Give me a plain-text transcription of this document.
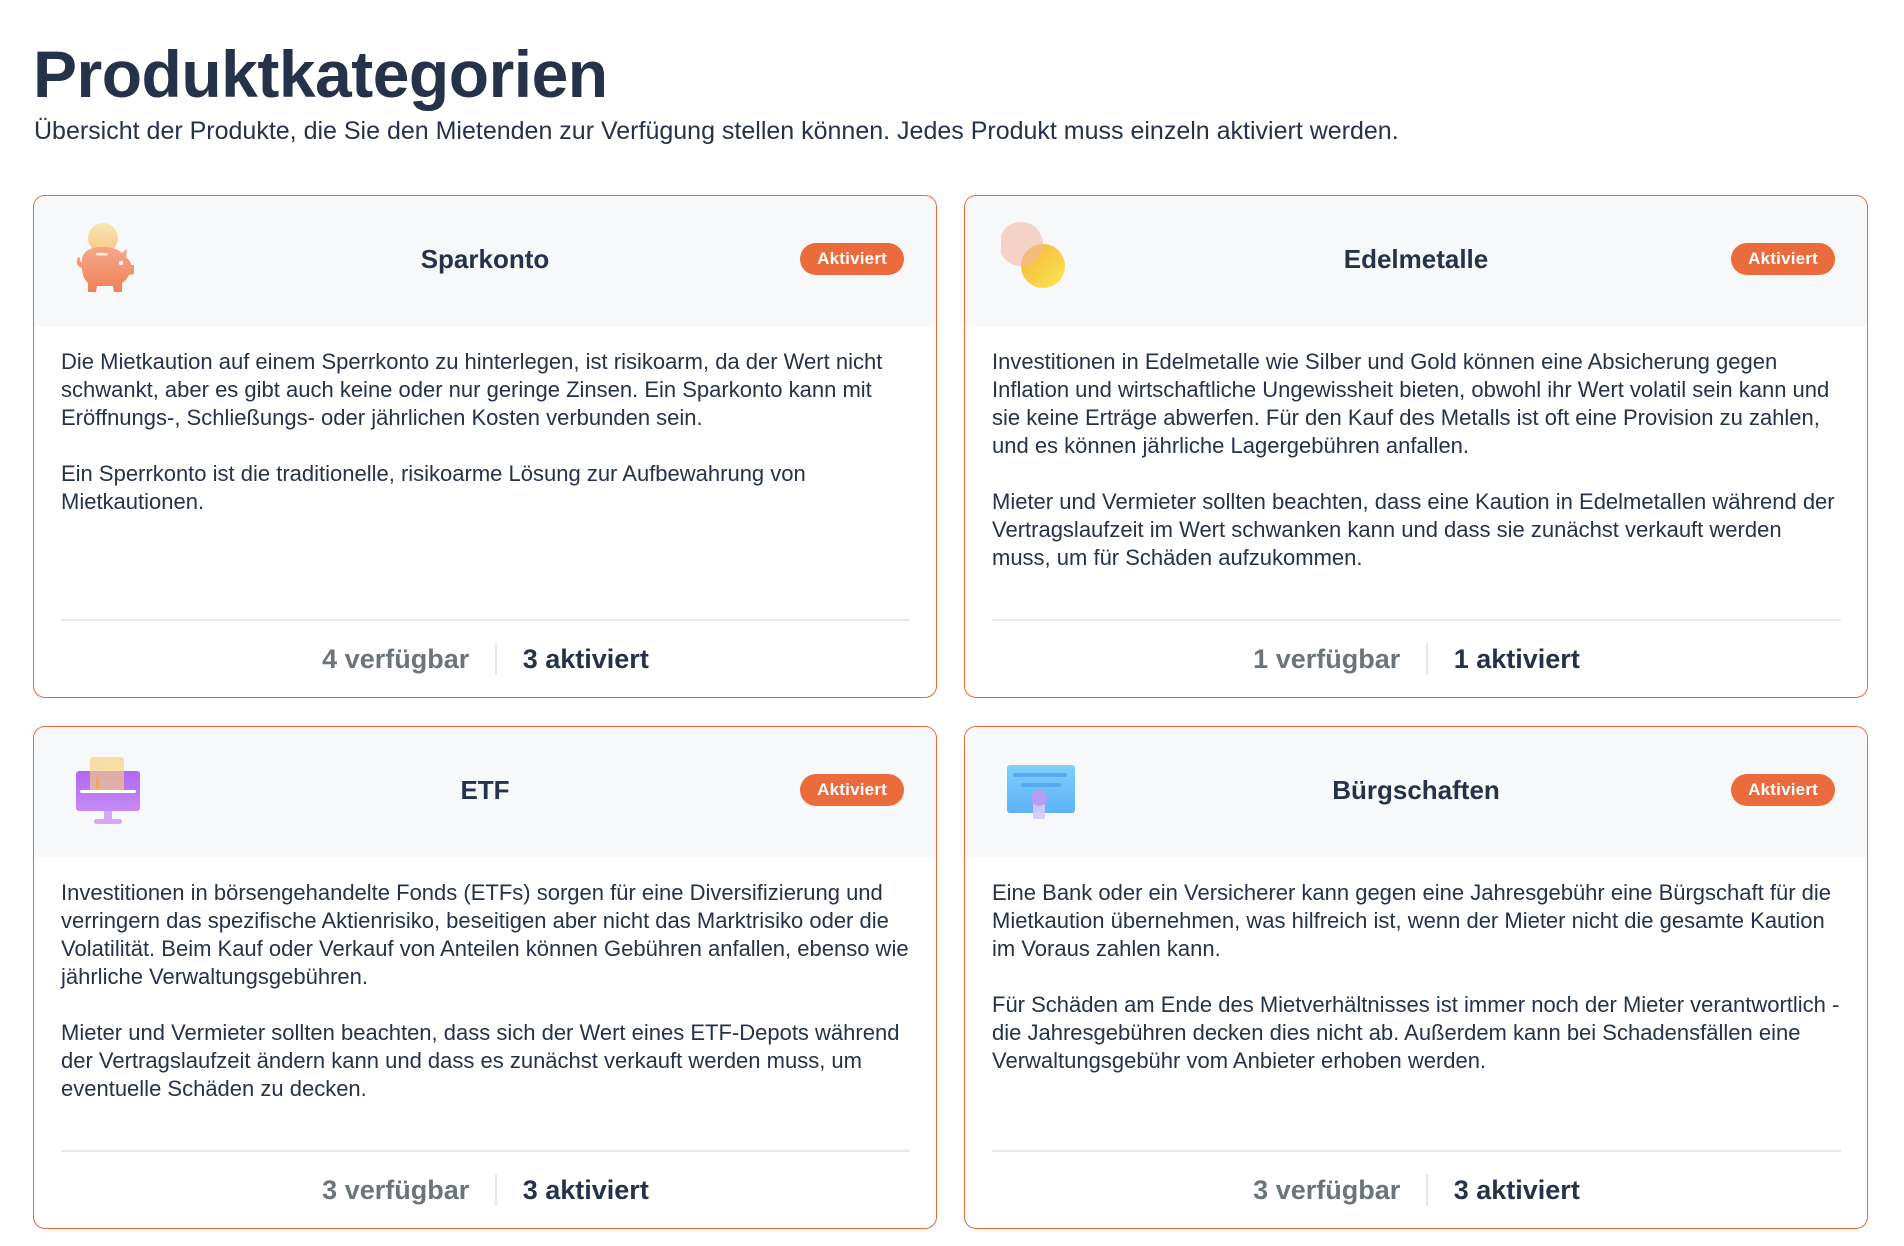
Produktkategorien
Übersicht der Produkte, die Sie den Mietenden zur Verfügung stellen können. Jedes Produkt muss einzeln aktiviert werden.
Sparkonto	Aktiviert

Die Mietkaution auf einem Sperrkonto zu hinterlegen, ist risikoarm, da der Wert nicht schwankt, aber es gibt auch keine oder nur geringe Zinsen. Ein Sparkonto kann mit Eröffnungs-, Schließungs- oder jährlichen Kosten verbunden sein.

Ein Sperrkonto ist die traditionelle, risikoarme Lösung zur Aufbewahrung von Mietkautionen.

4 verfügbar	3 aktiviert
Edelmetalle	Aktiviert

Investitionen in Edelmetalle wie Silber und Gold können eine Absicherung gegen Inflation und wirtschaftliche Ungewissheit bieten, obwohl ihr Wert volatil sein kann und sie keine Erträge abwerfen. Für den Kauf des Metalls ist oft eine Provision zu zahlen, und es können jährliche Lagergebühren anfallen.

Mieter und Vermieter sollten beachten, dass eine Kaution in Edelmetallen während der Vertragslaufzeit im Wert schwanken kann und dass sie zunächst verkauft werden muss, um für Schäden aufzukommen.

1 verfügbar	1 aktiviert
ETF	Aktiviert

Investitionen in börsengehandelte Fonds (ETFs) sorgen für eine Diversifizierung und verringern das spezifische Aktienrisiko, beseitigen aber nicht das Marktrisiko oder die Volatilität. Beim Kauf oder Verkauf von Anteilen können Gebühren anfallen, ebenso wie jährliche Verwaltungsgebühren.

Mieter und Vermieter sollten beachten, dass sich der Wert eines ETF-Depots während der Vertragslaufzeit ändern kann und dass es zunächst verkauft werden muss, um eventuelle Schäden zu decken.

3 verfügbar	3 aktiviert
Bürgschaften	Aktiviert

Eine Bank oder ein Versicherer kann gegen eine Jahresgebühr eine Bürgschaft für die Mietkaution übernehmen, was hilfreich ist, wenn der Mieter nicht die gesamte Kaution im Voraus zahlen kann.

Für Schäden am Ende des Mietverhältnisses ist immer noch der Mieter verantwortlich - die Jahresgebühren decken dies nicht ab. Außerdem kann bei Schadensfällen eine Verwaltungsgebühr vom Anbieter erhoben werden.

3 verfügbar	3 aktiviert
